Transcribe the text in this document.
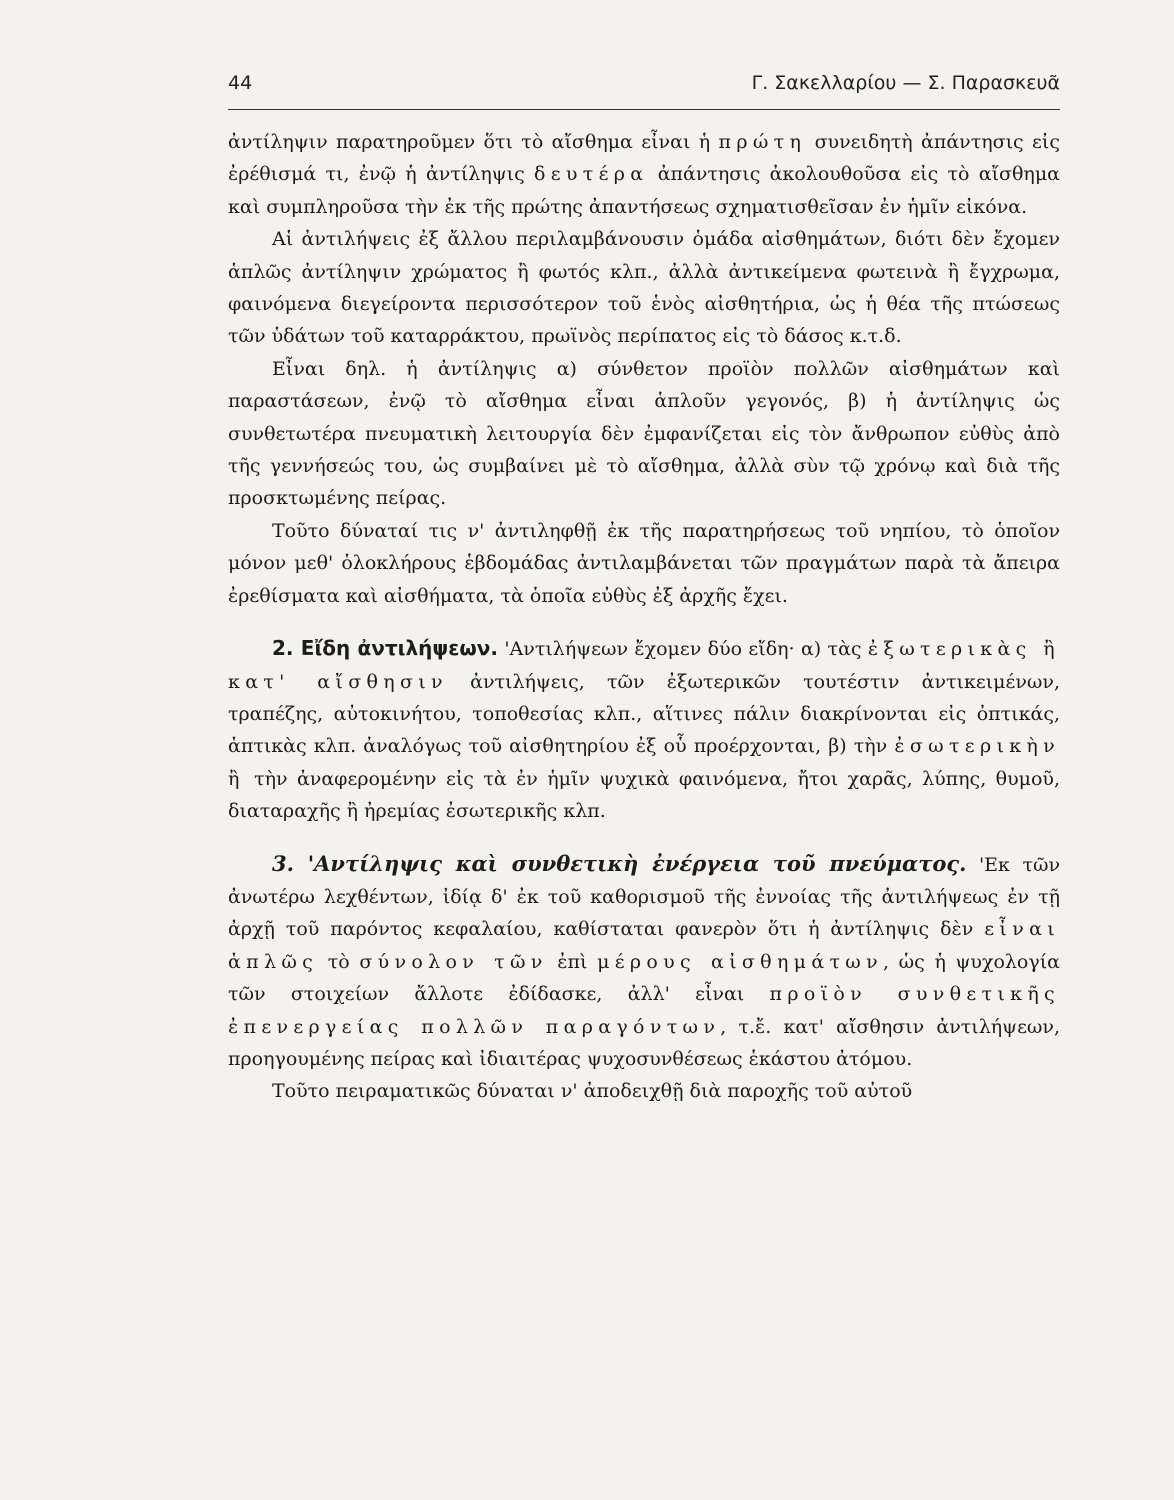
44	Γ. Σακελλαρίου — Σ. Παρασκευᾶ

ἀντίληψιν παρατηροῦμεν ὅτι τὸ αἴσθημα εἶναι ἡ πρώτη συνειδητὴ ἀπάντησις εἰς ἐρέθισμά τι, ἐνῷ ἡ ἀντίληψις δευτέρα ἀπάντησις ἀκολουθοῦσα εἰς τὸ αἴσθημα καὶ συμπληροῦσα τὴν ἐκ τῆς πρώτης ἀπαντήσεως σχηματισθεῖσαν ἐν ἡμῖν εἰκόνα.

Αἱ ἀντιλήψεις ἐξ ἄλλου περιλαμβάνουσιν ὁμάδα αἰσθημάτων, διότι δὲν ἔχομεν ἁπλῶς ἀντίληψιν χρώματος ἢ φωτός κλπ., ἀλλὰ ἀντικείμενα φωτεινὰ ἢ ἔγχρωμα, φαινόμενα διεγείροντα περισσότερον τοῦ ἑνὸς αἰσθητήρια, ὡς ἡ θέα τῆς πτώσεως τῶν ὑδάτων τοῦ καταρράκτου, πρωϊνὸς περίπατος εἰς τὸ δάσος κ.τ.δ.

Εἶναι δηλ. ἡ ἀντίληψις α) σύνθετον προϊὸν πολλῶν αἰσθημάτων καὶ παραστάσεων, ἐνῷ τὸ αἴσθημα εἶναι ἁπλοῦν γεγονός, β) ἡ ἀντίληψις ὡς συνθετωτέρα πνευματικὴ λειτουργία δὲν ἐμφανίζεται εἰς τὸν ἄνθρωπον εὐθὺς ἀπὸ τῆς γεννήσεώς του, ὡς συμβαίνει μὲ τὸ αἴσθημα, ἀλλὰ σὺν τῷ χρόνῳ καὶ διὰ τῆς προσκτωμένης πείρας.

Τοῦτο δύναταί τις ν' ἀντιληφθῇ ἐκ τῆς παρατηρήσεως τοῦ νηπίου, τὸ ὁποῖον μόνον μεθ' ὁλοκλήρους ἑβδομάδας ἀντιλαμβάνεται τῶν πραγμάτων παρὰ τὰ ἄπειρα ἐρεθίσματα καὶ αἰσθήματα, τὰ ὁποῖα εὐθὺς ἐξ ἀρχῆς ἔχει.

2. Εἴδη ἀντιλήψεων. 'Αντιλήψεων ἔχομεν δύο εἴδη· α) τὰς ἐξωτερικὰς ἢ κατ' αἴσθησιν ἀντιλήψεις, τῶν ἐξωτερικῶν τουτέστιν ἀντικειμένων, τραπέζης, αὐτοκινήτου, τοποθεσίας κλπ., αἵτινες πάλιν διακρίνονται εἰς ὀπτικάς, ἁπτικὰς κλπ. ἀναλόγως τοῦ αἰσθητηρίου ἐξ οὗ προέρχονται, β) τὴν ἐσωτερικὴν ἢ τὴν ἀναφερομένην εἰς τὰ ἐν ἡμῖν ψυχικὰ φαινόμενα, ἤτοι χαρᾶς, λύπης, θυμοῦ, διαταραχῆς ἢ ἠρεμίας ἐσωτερικῆς κλπ.

3. 'Αντίληψις καὶ συνθετικὴ ἐνέργεια τοῦ πνεύματος. 'Εκ τῶν ἀνωτέρω λεχθέντων, ἰδίᾳ δ' ἐκ τοῦ καθορισμοῦ τῆς ἐννοίας τῆς ἀντιλήψεως ἐν τῇ ἀρχῇ τοῦ παρόντος κεφαλαίου, καθίσταται φανερὸν ὅτι ἡ ἀντίληψις δὲν εἶναι ἁπλῶς τὸ σύνολον τῶν ἐπὶ μέρους αἰσθημάτων, ὡς ἡ ψυχολογία τῶν στοιχείων ἄλλοτε ἐδίδασκε, ἀλλ' εἶναι προϊὸν συνθετικῆς ἐπενεργείας πολλῶν παραγόντων, τ.ἔ. κατ' αἴσθησιν ἀντιλήψεων, προηγουμένης πείρας καὶ ἰδιαιτέρας ψυχοσυνθέσεως ἑκάστου ἀτόμου.

Τοῦτο πειραματικῶς δύναται ν' ἀποδειχθῇ διὰ παροχῆς τοῦ αὐτοῦ
